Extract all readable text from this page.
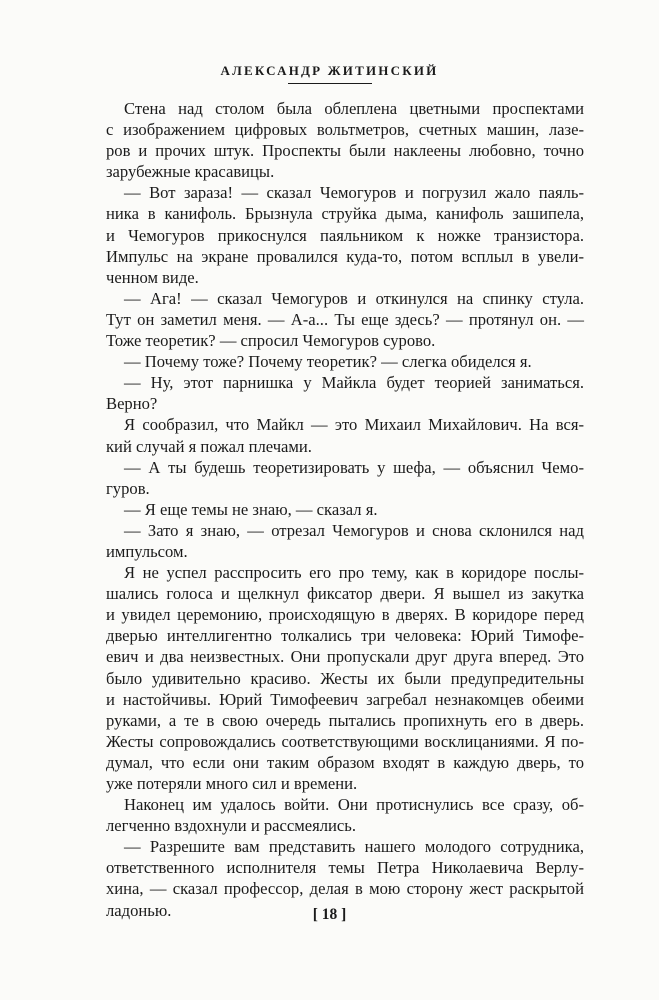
АЛЕКСАНДР ЖИТИНСКИЙ
Стена над столом была облеплена цветными проспектами
с изображением цифровых вольтметров, счетных машин, лазе-
ров и прочих штук. Проспекты были наклеены любовно, точно
зарубежные красавицы.
— Вот зараза! — сказал Чемогуров и погрузил жало паяль-
ника в канифоль. Брызнула струйка дыма, канифоль зашипела,
и Чемогуров прикоснулся паяльником к ножке транзистора.
Импульс на экране провалился куда-то, потом всплыл в увели-
ченном виде.
— Ага! — сказал Чемогуров и откинулся на спинку стула.
Тут он заметил меня. — А-а... Ты еще здесь? — протянул он. —
Тоже теоретик? — спросил Чемогуров сурово.
— Почему тоже? Почему теоретик? — слегка обиделся я.
— Ну, этот парнишка у Майкла будет теорией заниматься.
Верно?
Я сообразил, что Майкл — это Михаил Михайлович. На вся-
кий случай я пожал плечами.
— А ты будешь теоретизировать у шефа, — объяснил Чемо-
гуров.
— Я еще темы не знаю, — сказал я.
— Зато я знаю, — отрезал Чемогуров и снова склонился над
импульсом.
Я не успел расспросить его про тему, как в коридоре послы-
шались голоса и щелкнул фиксатор двери. Я вышел из закутка
и увидел церемонию, происходящую в дверях. В коридоре перед
дверью интеллигентно толкались три человека: Юрий Тимофе-
евич и два неизвестных. Они пропускали друг друга вперед. Это
было удивительно красиво. Жесты их были предупредительны
и настойчивы. Юрий Тимофеевич загребал незнакомцев обеими
руками, а те в свою очередь пытались пропихнуть его в дверь.
Жесты сопровождались соответствующими восклицаниями. Я по-
думал, что если они таким образом входят в каждую дверь, то
уже потеряли много сил и времени.
Наконец им удалось войти. Они протиснулись все сразу, об-
легченно вздохнули и рассмеялись.
— Разрешите вам представить нашего молодого сотрудника,
ответственного исполнителя темы Петра Николаевича Верлу-
хина, — сказал профессор, делая в мою сторону жест раскрытой
ладонью.	[ 18 ]
